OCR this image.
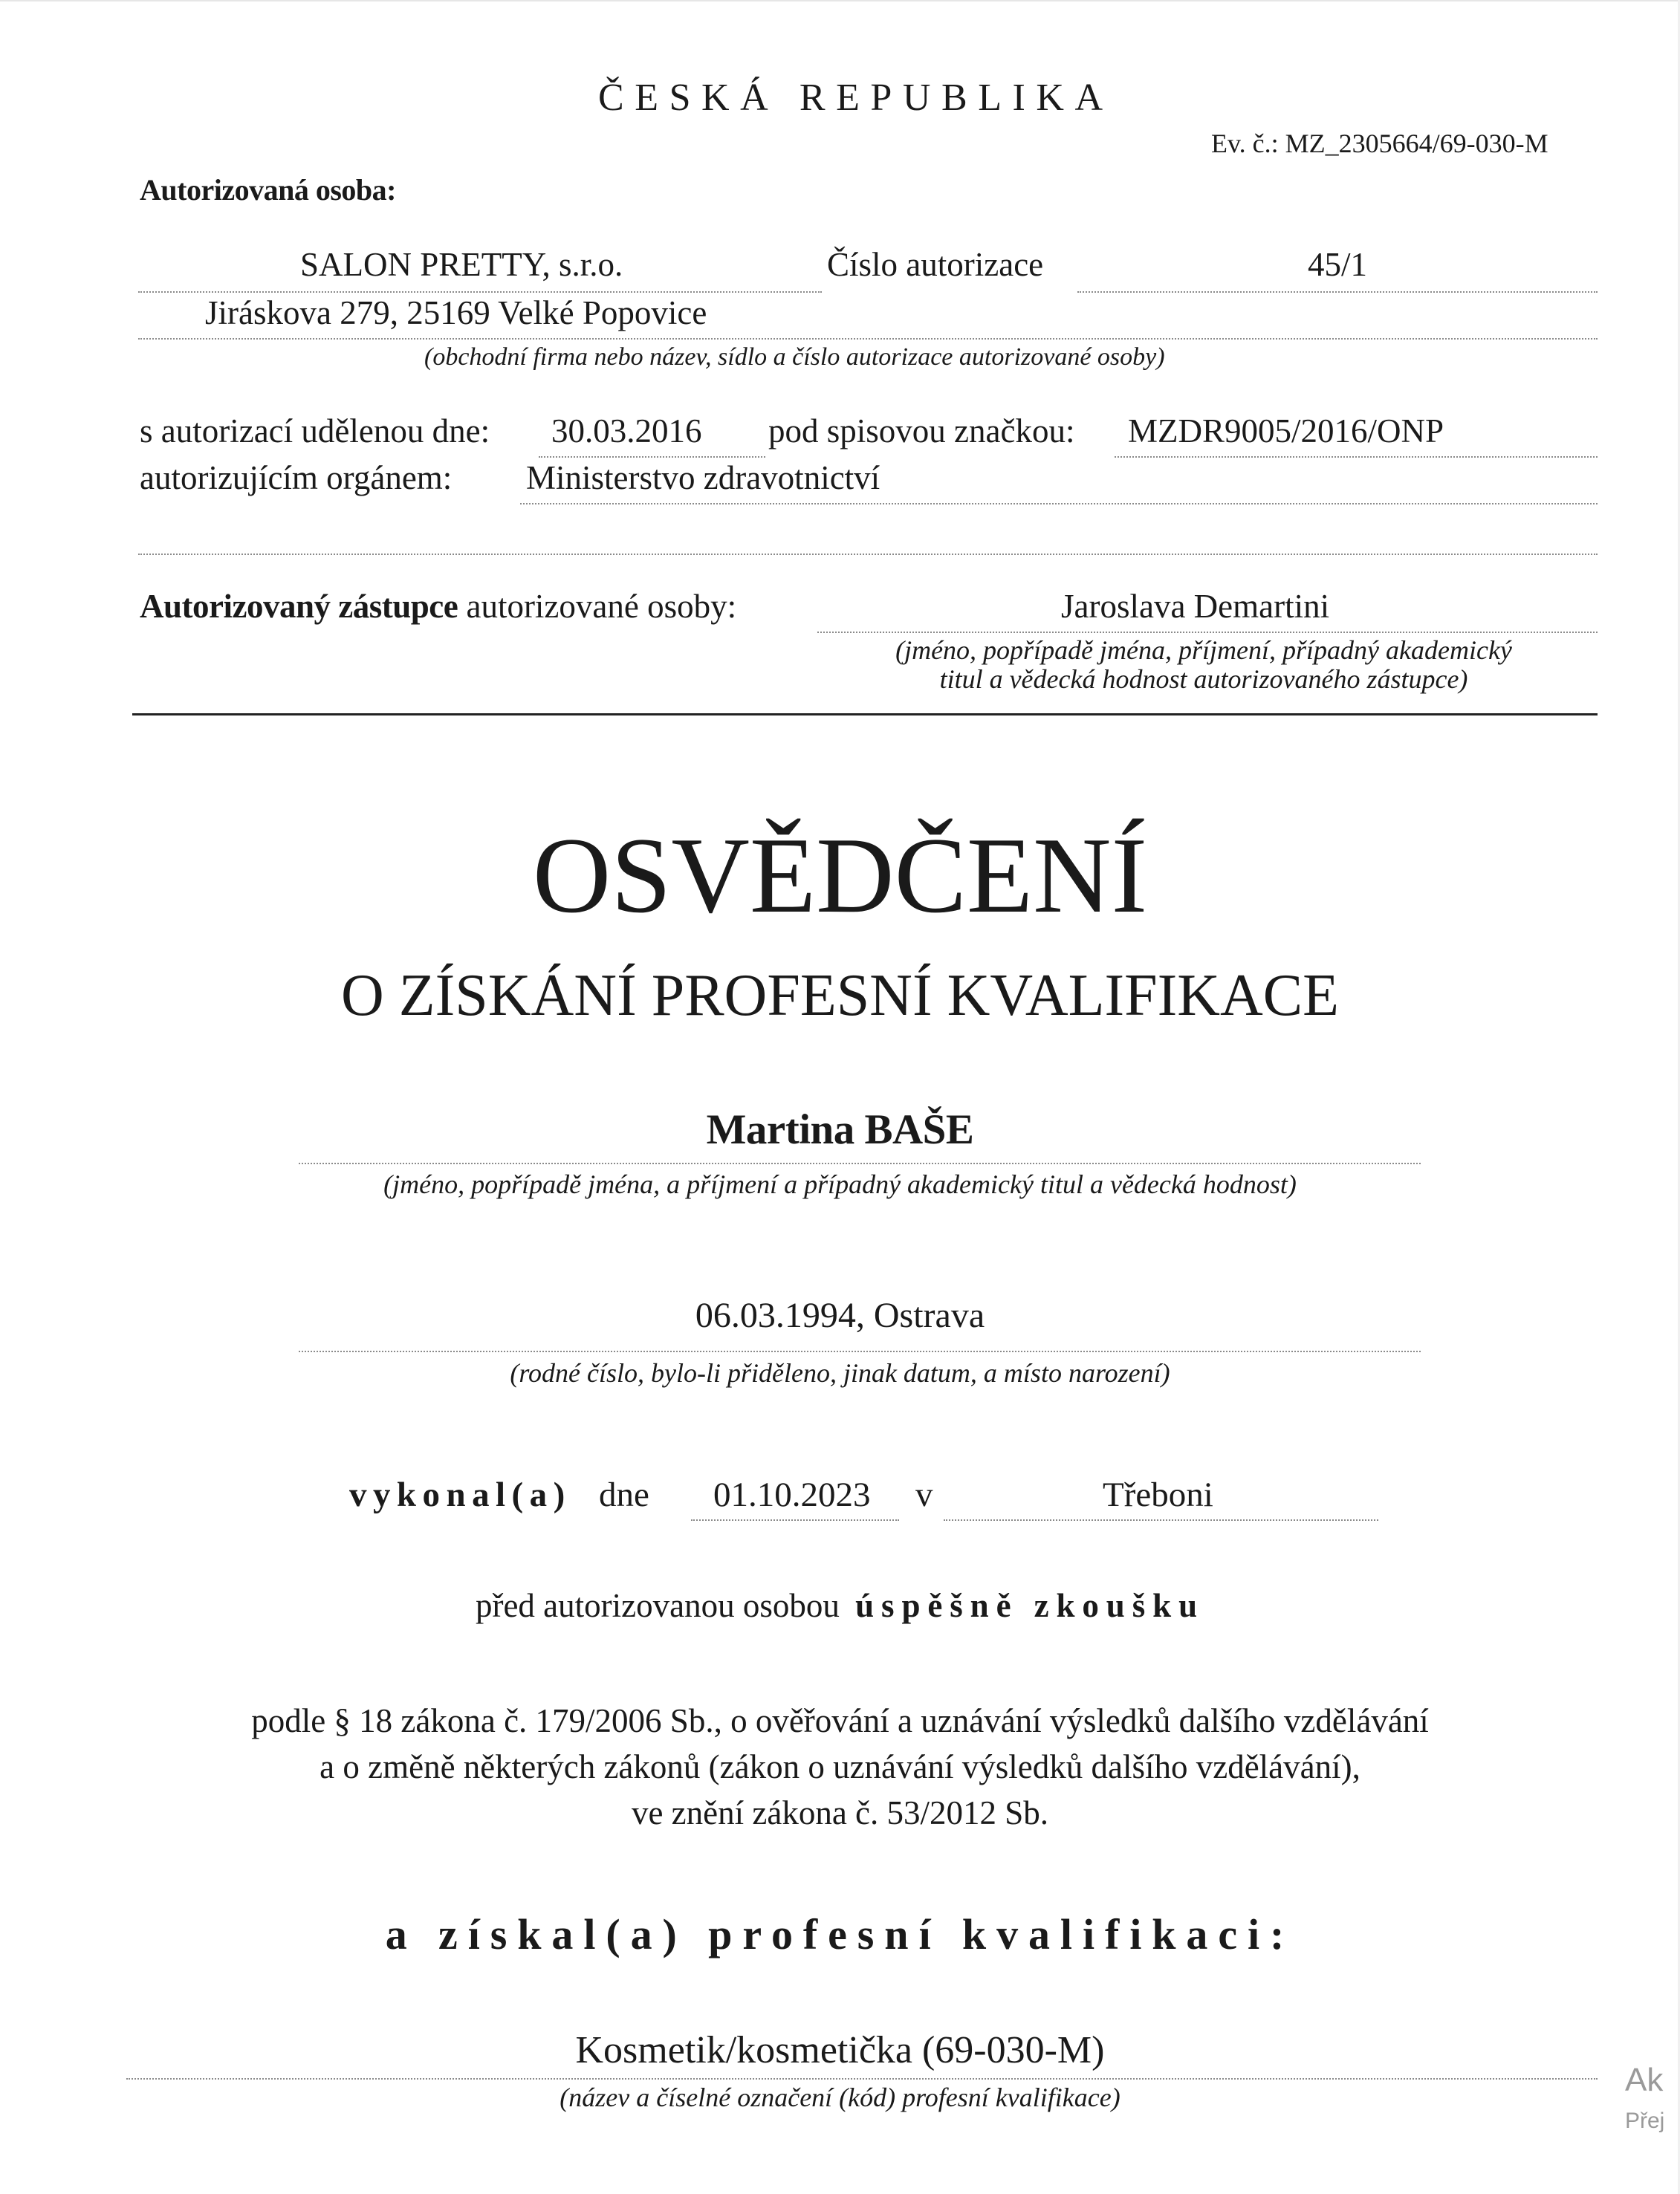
ČESKÁ REPUBLIKA
Ev. č.: MZ_2305664/69-030-M
Autorizovaná osoba:
SALON PRETTY, s.r.o.	Číslo autorizace	45/1
Jiráskova 279, 25169 Velké Popovice
(obchodní firma nebo název, sídlo a číslo autorizace autorizované osoby)
s autorizací udělenou dne: 30.03.2016 pod spisovou značkou: MZDR9005/2016/ONP
autorizujícím orgánem: Ministerstvo zdravotnictví
Autorizovaný zástupce autorizované osoby:	Jaroslava Demartini
(jméno, popřípadě jména, příjmení, případný akademický
titul a vědecká hodnost autorizovaného zástupce)
OSVĚDČENÍ
O ZÍSKÁNÍ PROFESNÍ KVALIFIKACE
Martina BAŠE
(jméno, popřípadě jména, a příjmení a případný akademický titul a vědecká hodnost)
06.03.1994, Ostrava
(rodné číslo, bylo-li přiděleno, jinak datum, a místo narození)
vykonal(a) dne 01.10.2023 v	Třeboni
před autorizovanou osobou úspěšně zkoušku
podle § 18 zákona č. 179/2006 Sb., o ověřování a uznávání výsledků dalšího vzdělávání
a o změně některých zákonů (zákon o uznávání výsledků dalšího vzdělávání),
ve znění zákona č. 53/2012 Sb.
a získal(a) profesní kvalifikaci:
Kosmetik/kosmetička (69-030-M)
(název a číselné označení (kód) profesní kvalifikace)	Ak
Přej
